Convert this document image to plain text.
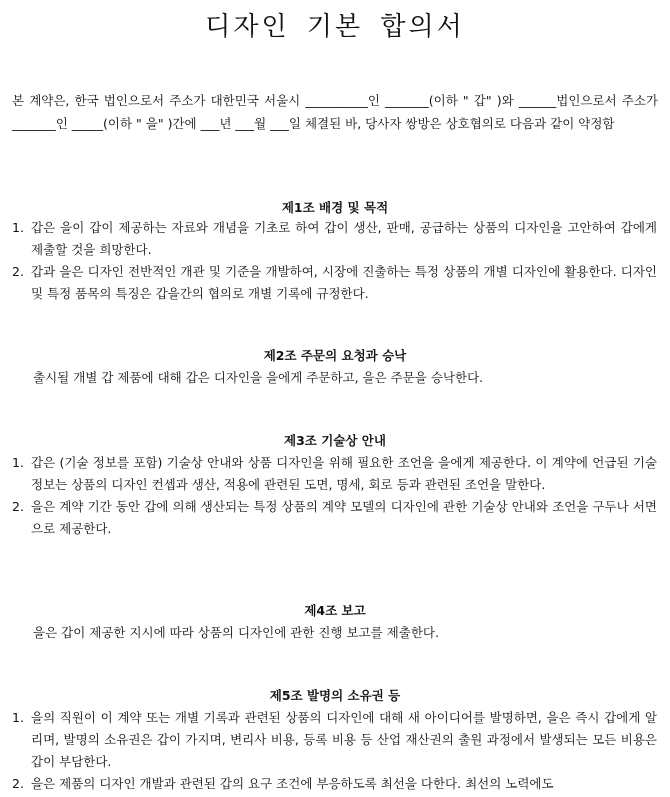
디자인 기본 합의서

본 계약은, 한국 법인으로서 주소가 대한민국 서울시 __________인 _______(이하 " 갑" )와 ______법인으로서 주소가 _______인 _____(이하 " 을" )간에 ___년 ___월 ___일 체결된 바, 당사자 쌍방은 상호협의로 다음과 같이 약정함

제1조 배경 및 목적
1. 갑은 을이 갑이 제공하는 자료와 개념을 기초로 하여 갑이 생산, 판매, 공급하는 상품의 디자인을 고안하여 갑에게 제출할 것을 희망한다.
2. 갑과 을은 디자인 전반적인 개관 및 기준을 개발하여, 시장에 진출하는 특정 상품의 개별 디자인에 활용한다. 디자인 및 특정 품목의 특징은 갑을간의 협의로 개별 기록에 규정한다.
제2조 주문의 요청과 승낙

출시될 개별 갑 제품에 대해 갑은 디자인을 을에게 주문하고, 을은 주문을 승낙한다.

제3조 기술상 안내
1. 갑은 (기술 정보를 포함) 기술상 안내와 상품 디자인을 위해 필요한 조언을 을에게 제공한다. 이 계약에 언급된 기술 정보는 상품의 디자인 컨셉과 생산, 적용에 관련된 도면, 명세, 회로 등과 관련된 조언을 말한다.
2. 을은 계약 기간 동안 갑에 의해 생산되는 특정 상품의 계약 모델의 디자인에 관한 기술상 안내와 조언을 구두나 서면으로 제공한다.
제4조 보고

을은 갑이 제공한 지시에 따라 상품의 디자인에 관한 진행 보고를 제출한다.

제5조 발명의 소유권 등
1. 을의 직원이 이 계약 또는 개별 기록과 관련된 상품의 디자인에 대해 새 아이디어를 발명하면, 을은 즉시 갑에게 알리며, 발명의 소유권은 갑이 가지며, 변리사 비용, 등록 비용 등 산업 재산권의 출원 과정에서 발생되는 모든 비용은 갑이 부담한다.
2. 을은 제품의 디자인 개발과 관련된 갑의 요구 조건에 부응하도록 최선을 다한다. 최선의 노력에도
